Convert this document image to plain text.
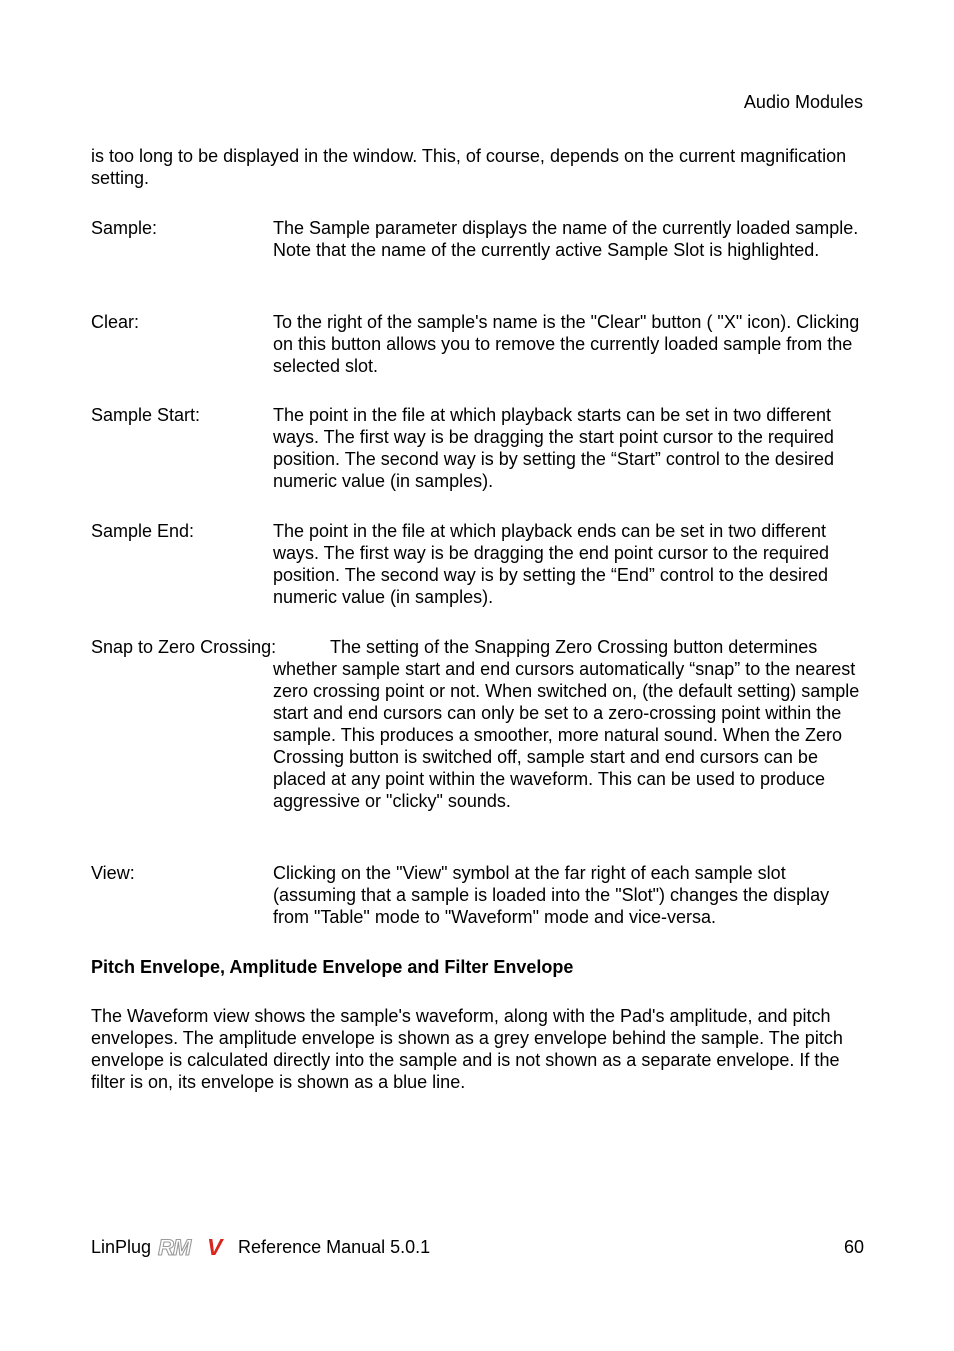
Audio Modules
is too long to be displayed in the window. This, of course, depends on the current magnification setting.
Sample:	The Sample parameter displays the name of the currently loaded sample. Note that the name of the currently active Sample Slot is highlighted.
Clear:	To the right of the sample's name is the "Clear" button ( "X" icon). Clicking on this button allows you to remove the currently loaded sample from the selected slot.
Sample Start:	The point in the file at which playback starts can be set in two different ways. The first way is be dragging the start point cursor to the required position. The second way is by setting the “Start” control to the desired numeric value (in samples).
Sample End:	The point in the file at which playback ends can be set in two different ways. The first way is be dragging the end point cursor to the required position. The second way is by setting the “End” control to the desired numeric value (in samples).
Snap to Zero Crossing:	The setting of the Snapping Zero Crossing button determines whether sample start and end cursors automatically “snap” to the nearest zero crossing point or not. When switched on, (the default setting) sample start and end cursors can only be set to a zero-crossing point within the sample. This produces a smoother, more natural sound. When the Zero Crossing button is switched off, sample start and end cursors can be placed at any point within the waveform. This can be used to produce aggressive or "clicky" sounds.
View:	Clicking on the "View" symbol at the far right of each sample slot (assuming that a sample is loaded into the "Slot") changes the display from "Table" mode to "Waveform" mode and vice-versa.
Pitch Envelope, Amplitude Envelope and Filter Envelope
The Waveform view shows the sample's waveform, along with the Pad's amplitude, and pitch envelopes. The amplitude envelope is shown as a grey envelope behind the sample. The pitch envelope is calculated directly into the sample and is not shown as a separate envelope. If the filter is on, its envelope is shown as a blue line.
LinPlug RM V Reference Manual 5.0.1	60
